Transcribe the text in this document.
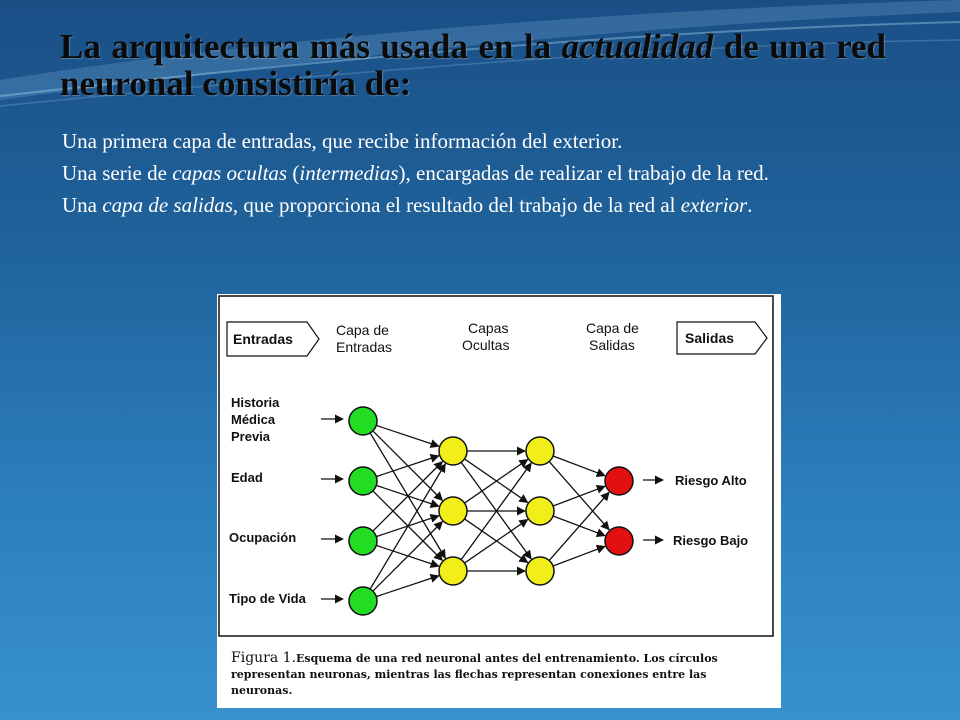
La arquitectura más usada en la actualidad de una red neuronal consistiría de:

Una primera capa de entradas, que recibe información del exterior.

Una serie de capas ocultas (intermedias), encargadas de realizar el trabajo de la red.

Una capa de salidas, que proporciona el resultado del trabajo de la red al exterior.

Entradas	Salidas
Capa de
Entradas
Capas
Ocultas
Capa de
Salidas
Historia
Médica
Previa
Edad
Ocupación
Tipo de Vida
Riesgo Alto
Riesgo Bajo
Figura 1.Esquema de una red neuronal antes del entrenamiento. Los círculos representan neuronas, mientras las flechas representan conexiones entre las neuronas.
